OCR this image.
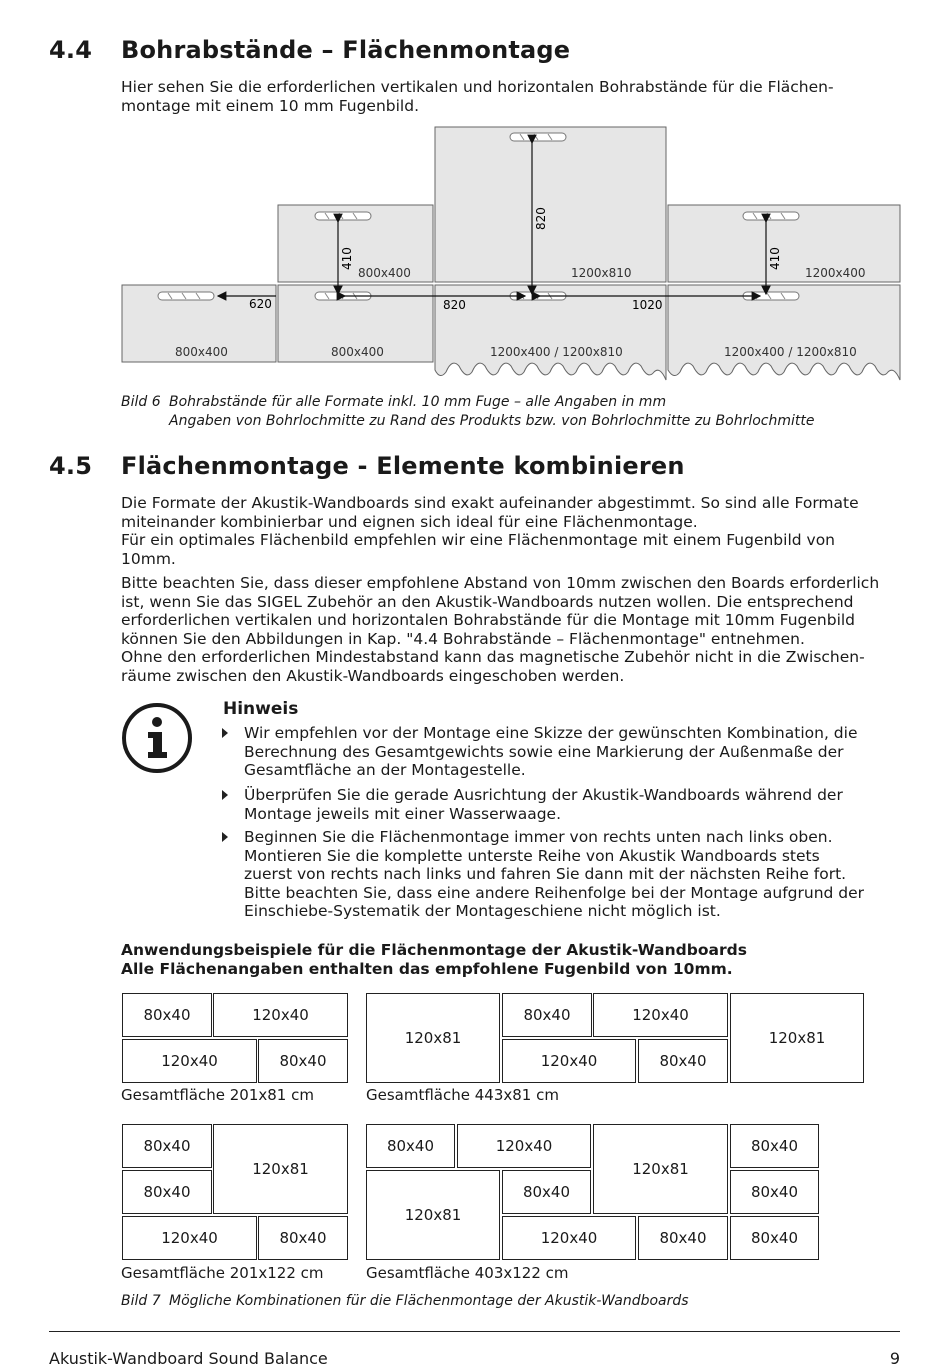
4.4 Bohrabstände – Flächenmontage
Hier sehen Sie die erforderlichen vertikalen und horizontalen Bohrabstände für die Flächen-
montage mit einem 10 mm Fugenbild.
620
410
820
410
820	1020
800x400	1200x810	1200x400
800x400	800x400	1200x400 / 1200x810	1200x400 / 1200x810
Bild 6 Bohrabstände für alle Formate inkl. 10 mm Fuge – alle Angaben in mm
Angaben von Bohrlochmitte zu Rand des Produkts bzw. von Bohrlochmitte zu Bohrlochmitte
4.5 Flächenmontage - Elemente kombinieren
Die Formate der Akustik-Wandboards sind exakt aufeinander abgestimmt. So sind alle Formate
miteinander kombinierbar und eignen sich ideal für eine Flächenmontage.
Für ein optimales Flächenbild empfehlen wir eine Flächenmontage mit einem Fugenbild von
10mm.
Bitte beachten Sie, dass dieser empfohlene Abstand von 10mm zwischen den Boards erforderlich
ist, wenn Sie das SIGEL Zubehör an den Akustik-Wandboards nutzen wollen. Die entsprechend
erforderlichen vertikalen und horizontalen Bohrabstände für die Montage mit 10mm Fugenbild
können Sie den Abbildungen in Kap. "4.4 Bohrabstände – Flächenmontage" entnehmen.
Ohne den erforderlichen Mindestabstand kann das magnetische Zubehör nicht in die Zwischen-
räume zwischen den Akustik-Wandboards eingeschoben werden.
Hinweis
Wir empfehlen vor der Montage eine Skizze der gewünschten Kombination, die
Berechnung des Gesamtgewichts sowie eine Markierung der Außenmaße der
Gesamtfläche an der Montagestelle.
Überprüfen Sie die gerade Ausrichtung der Akustik-Wandboards während der
Montage jeweils mit einer Wasserwaage.
Beginnen Sie die Flächenmontage immer von rechts unten nach links oben.
Montieren Sie die komplette unterste Reihe von Akustik Wandboards stets
zuerst von rechts nach links und fahren Sie dann mit der nächsten Reihe fort.
Bitte beachten Sie, dass eine andere Reihenfolge bei der Montage aufgrund der
Einschiebe-Systematik der Montageschiene nicht möglich ist.
Anwendungsbeispiele für die Flächenmontage der Akustik-Wandboards
Alle Flächenangaben enthalten das empfohlene Fugenbild von 10mm.
80x40	120x40
120x40	80x40
Gesamtfläche 201x81 cm
120x81
80x40	120x40
120x40	80x40
120x81
Gesamtfläche 443x81 cm
80x40
120x81
80x40
120x40	80x40
Gesamtfläche 201x122 cm
80x40	120x40
120x81
80x40
120x81
80x40	80x40
120x40	80x40	80x40
Gesamtfläche 403x122 cm
Bild 7 Mögliche Kombinationen für die Flächenmontage der Akustik-Wandboards
Akustik-Wandboard Sound Balance	9
